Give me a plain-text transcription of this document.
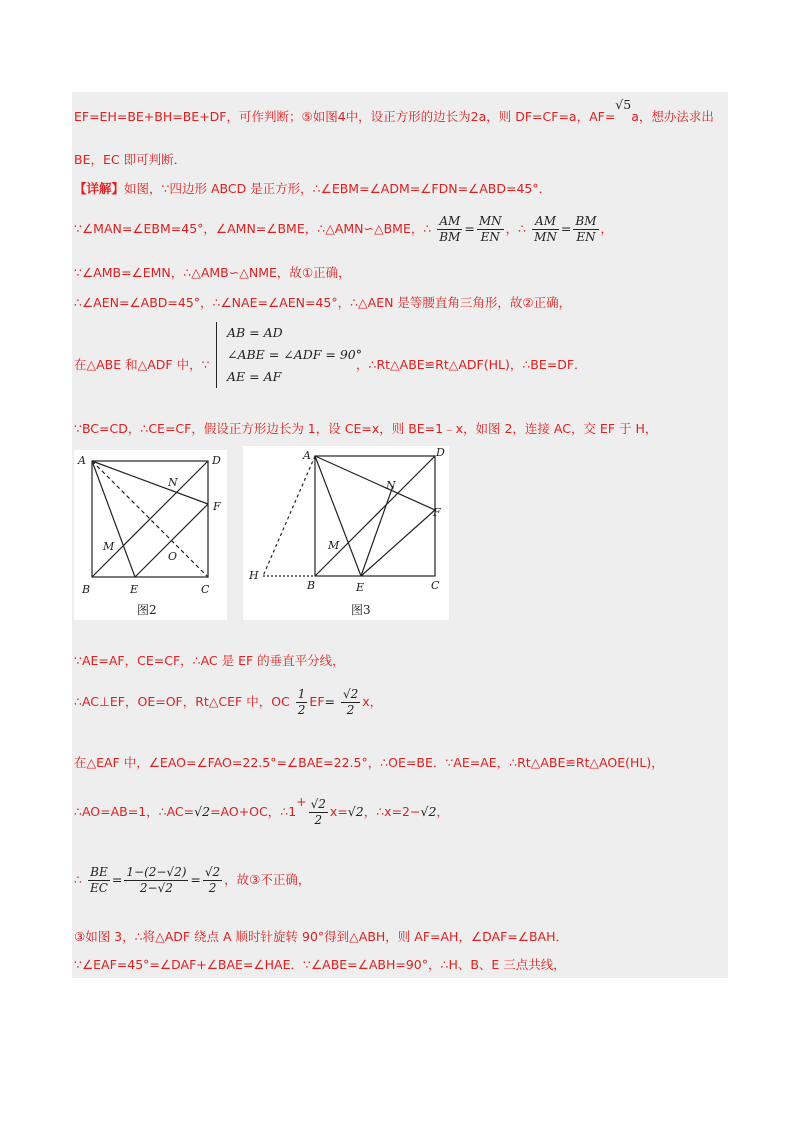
EF=EH=BE+BH=BE+DF，可作判断；⑤如图4中，设正方形的边长为2a，则 DF=CF=a，AF=√5a，想办法求出
BE，EC 即可判断．
【详解】如图，∵四边形 ABCD 是正方形，∴∠EBM=∠ADM=∠FDN=∠ABD=45°．
∵∠MAN=∠EBM=45°，∠AMN=∠BME，∴△AMN∽△BME，∴ $\frac{AM}{BM} = \frac{MN}{EN}$ ，∴ $\frac{AM}{MN} = \frac{BM}{EN}$ ，
∵∠AMB=∠EMN，∴△AMB∽△NME，故①正确，
∴∠AEN=∠ABD=45°，∴∠NAE=∠AEN=45°，∴△AEN 是等腰直角三角形，故②正确，
AB = AD
∠ABE = ∠ADF = 90°
AE = AF
在△ABE 和△ADF 中，∵	，∴Rt△ABE≌Rt△ADF(HL)，∴BE=DF．
∵BC=CD，∴CE=CF，假设正方形边长为 1，设 CE=x，则 BE=1﹣x，如图 2，连接 AC，交 EF 于 H，
A	D
N
F
M
O
B	E	C
图2
A	D
N
F
M
H
B	E	C
图3
∵AE=AF，CE=CF，∴AC 是 EF 的垂直平分线，
∴AC⊥EF，OE=OF，Rt△CEF 中，OC $\frac{1}{2} EF= \frac{√2}{2}$ x，
在△EAF 中，∠EAO=∠FAO=22.5°=∠BAE=22.5°，∴OE=BE．∵AE=AE，∴Rt△ABE≌Rt△AOE(HL)，
∴AO=AB=1，∴AC=√2=AO+OC，∴1+ $\frac{√2}{2} x=√2$，∴x=2−√2，
∴ $\frac{BE}{EC} = \frac{1-(2-√2)}{2-√2} = \frac{√2}{2}$ ，故③不正确，
③如图 3，∴将△ADF 绕点 A 顺时针旋转 90°得到△ABH，则 AF=AH，∠DAF=∠BAH．
∵∠EAF=45°=∠DAF+∠BAE=∠HAE．∵∠ABE=∠ABH=90°，∴H、B、E 三点共线，
